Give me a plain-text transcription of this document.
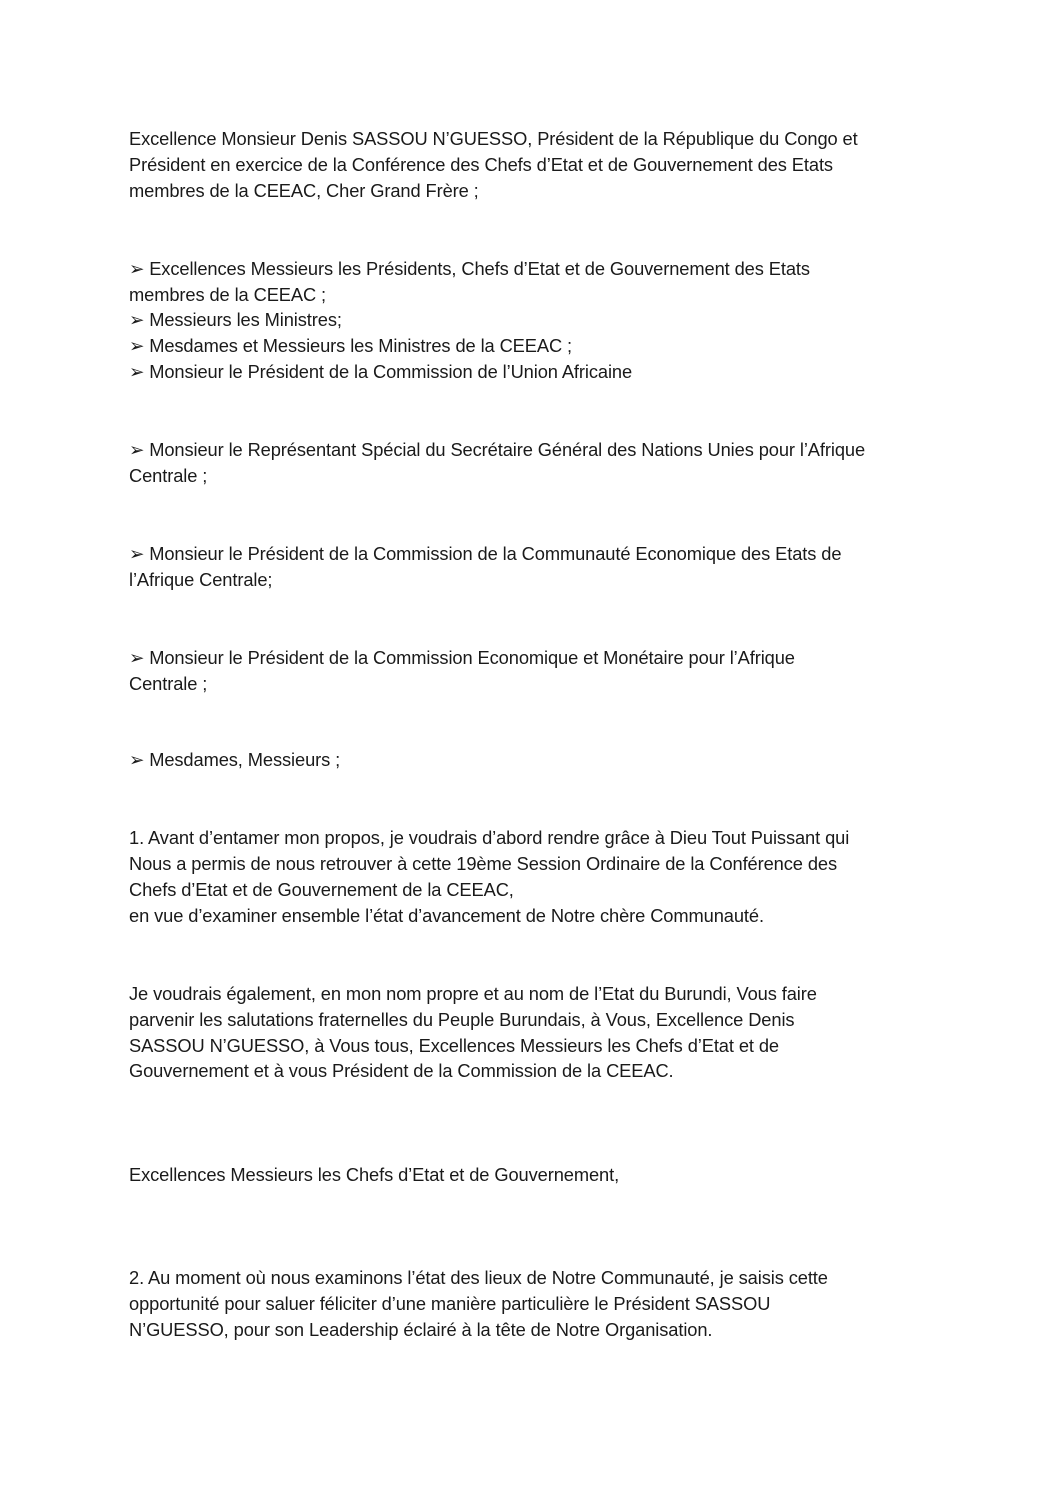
Excellence Monsieur Denis SASSOU N’GUESSO, Président de la République du Congo et
Président en exercice de la Conférence des Chefs d’Etat et de Gouvernement des Etats
membres de la CEEAC, Cher Grand Frère ;
➢ Excellences Messieurs les Présidents, Chefs d’Etat et de Gouvernement des Etats
membres de la CEEAC ;
➢ Messieurs les Ministres;
➢ Mesdames et Messieurs les Ministres de la CEEAC ;
➢ Monsieur le Président de la Commission de l’Union Africaine
➢ Monsieur le Représentant Spécial du Secrétaire Général des Nations Unies pour l’Afrique
Centrale ;
➢ Monsieur le Président de la Commission de la Communauté Economique des Etats de
l’Afrique Centrale;
➢ Monsieur le Président de la Commission Economique et Monétaire pour l’Afrique
Centrale ;
➢ Mesdames, Messieurs ;
1. Avant d’entamer mon propos, je voudrais d’abord rendre grâce à Dieu Tout Puissant qui
Nous a permis de nous retrouver à cette 19ème Session Ordinaire de la Conférence des
Chefs d’Etat et de Gouvernement de la CEEAC,
en vue d’examiner ensemble l’état d’avancement de Notre chère Communauté.
Je voudrais également, en mon nom propre et au nom de l’Etat du Burundi, Vous faire
parvenir les salutations fraternelles du Peuple Burundais, à Vous, Excellence Denis
SASSOU N’GUESSO, à Vous tous, Excellences Messieurs les Chefs d’Etat et de
Gouvernement et à vous Président de la Commission de la CEEAC.
Excellences Messieurs les Chefs d’Etat et de Gouvernement,
2. Au moment où nous examinons l’état des lieux de Notre Communauté, je saisis cette
opportunité pour saluer féliciter d’une manière particulière le Président SASSOU
N’GUESSO, pour son Leadership éclairé à la tête de Notre Organisation.
